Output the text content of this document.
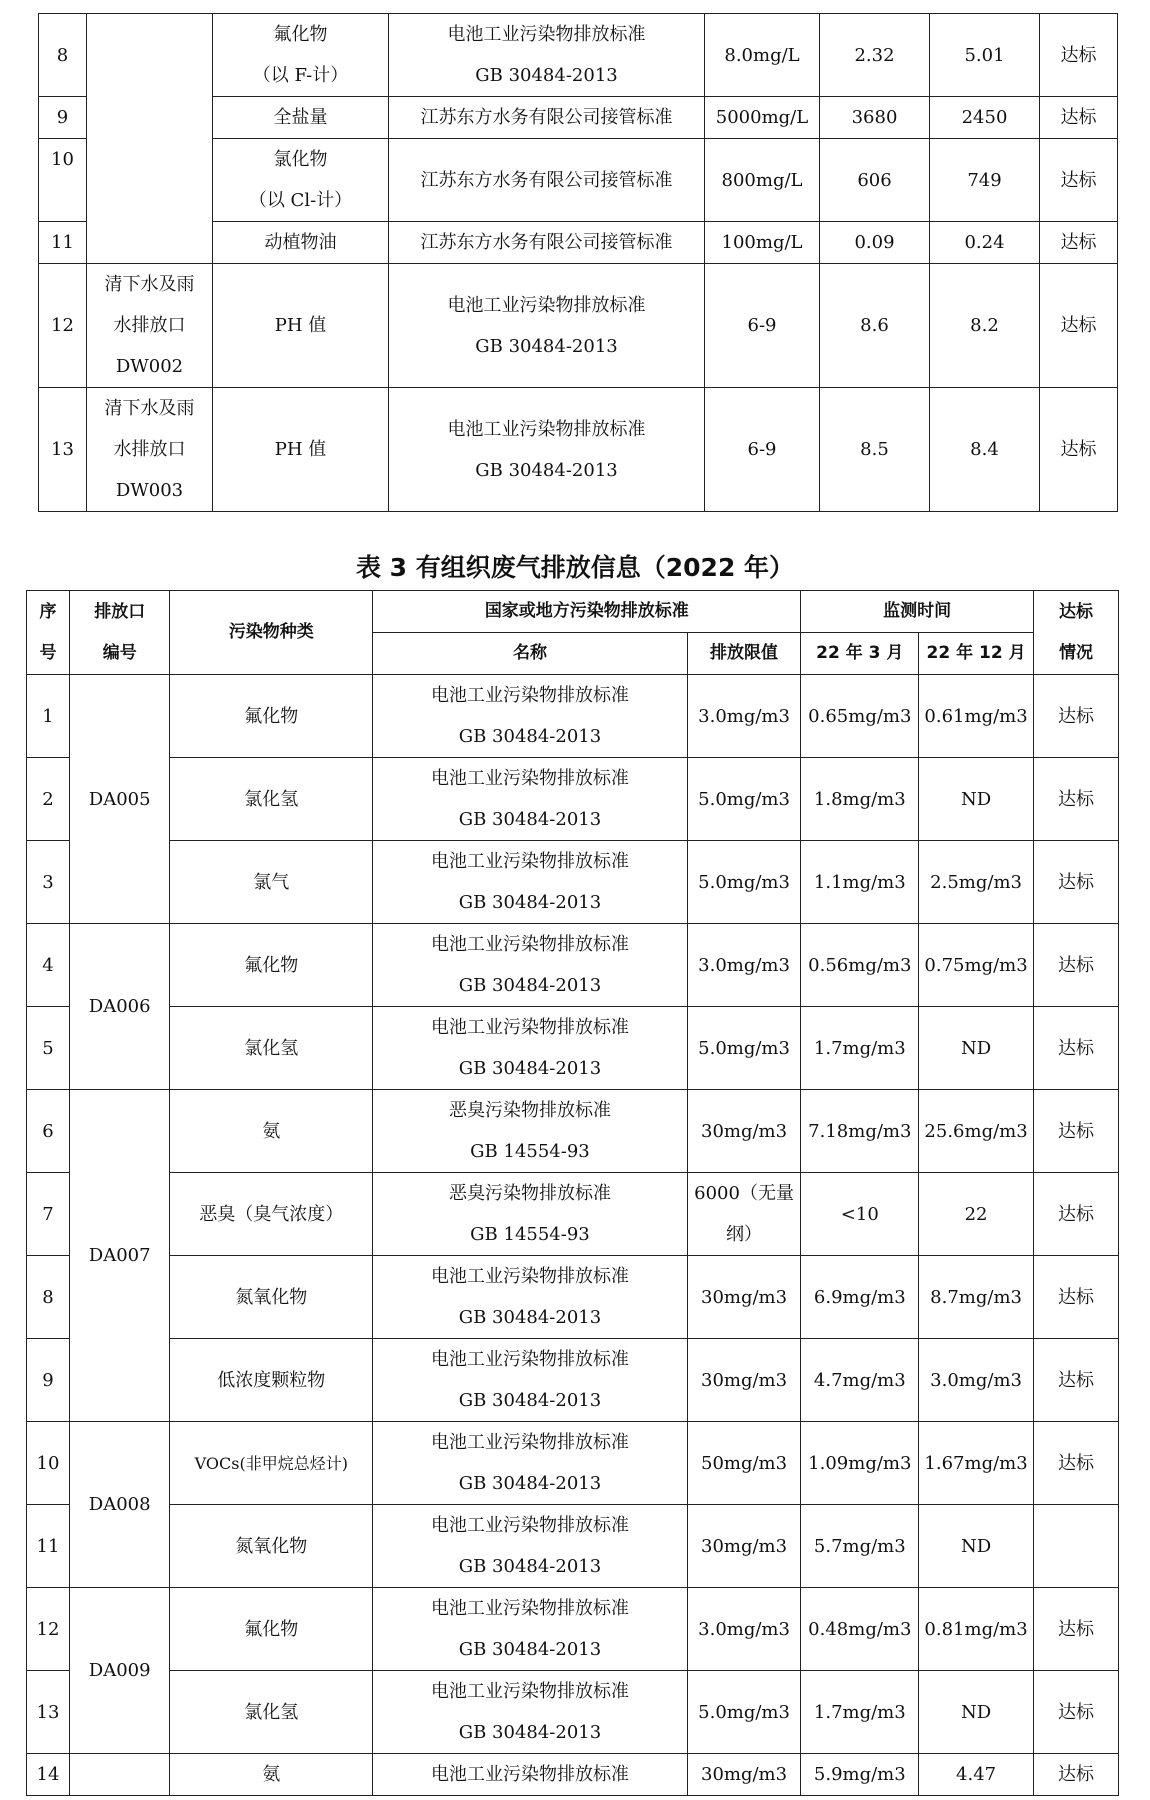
8		氟化物
（以 F-计）	电池工业污染物排放标准
GB 30484-2013	8.0mg/L	2.32	5.01	达标
9		全盐量	江苏东方水务有限公司接管标准	5000mg/L	3680	2450	达标
10		氯化物
（以 Cl-计）	江苏东方水务有限公司接管标准	800mg/L	606	749	达标
11		动植物油	江苏东方水务有限公司接管标准	100mg/L	0.09	0.24	达标
12	清下水及雨
水排放口
DW002	PH 值	电池工业污染物排放标准
GB 30484-2013	6-9	8.6	8.2	达标
13	清下水及雨
水排放口
DW003	PH 值	电池工业污染物排放标准
GB 30484-2013	6-9	8.5	8.4	达标
表 3 有组织废气排放信息（2022 年）
序
号	排放口
编号	污染物种类	国家或地方污染物排放标准		监测时间		达标
情况

			名称	排放限值	22 年 3 月	22 年 12 月	
1	DA005	氟化物	电池工业污染物排放标准
GB 30484-2013	3.0mg/m3	0.65mg/m3	0.61mg/m3	达标
2		氯化氢	电池工业污染物排放标准
GB 30484-2013	5.0mg/m3	1.8mg/m3	ND	达标
3		氯气	电池工业污染物排放标准
GB 30484-2013	5.0mg/m3	1.1mg/m3	2.5mg/m3	达标
4	DA006	氟化物	电池工业污染物排放标准
GB 30484-2013	3.0mg/m3	0.56mg/m3	0.75mg/m3	达标
5		氯化氢	电池工业污染物排放标准
GB 30484-2013	5.0mg/m3	1.7mg/m3	ND	达标
6	DA007	氨	恶臭污染物排放标准
GB 14554-93	30mg/m3	7.18mg/m3	25.6mg/m3	达标
7		恶臭（臭气浓度）	恶臭污染物排放标准
GB 14554-93	6000（无量
纲）	<10	22	达标
8		氮氧化物	电池工业污染物排放标准
GB 30484-2013	30mg/m3	6.9mg/m3	8.7mg/m3	达标
9		低浓度颗粒物	电池工业污染物排放标准
GB 30484-2013	30mg/m3	4.7mg/m3	3.0mg/m3	达标
10	DA008	VOCs(非甲烷总烃计)	电池工业污染物排放标准
GB 30484-2013	50mg/m3	1.09mg/m3	1.67mg/m3	达标
11		氮氧化物	电池工业污染物排放标准
GB 30484-2013	30mg/m3	5.7mg/m3	ND	
12	DA009	氟化物	电池工业污染物排放标准
GB 30484-2013	3.0mg/m3	0.48mg/m3	0.81mg/m3	达标
13		氯化氢	电池工业污染物排放标准
GB 30484-2013	5.0mg/m3	1.7mg/m3	ND	达标
14		氨	电池工业污染物排放标准	30mg/m3	5.9mg/m3	4.47	达标
